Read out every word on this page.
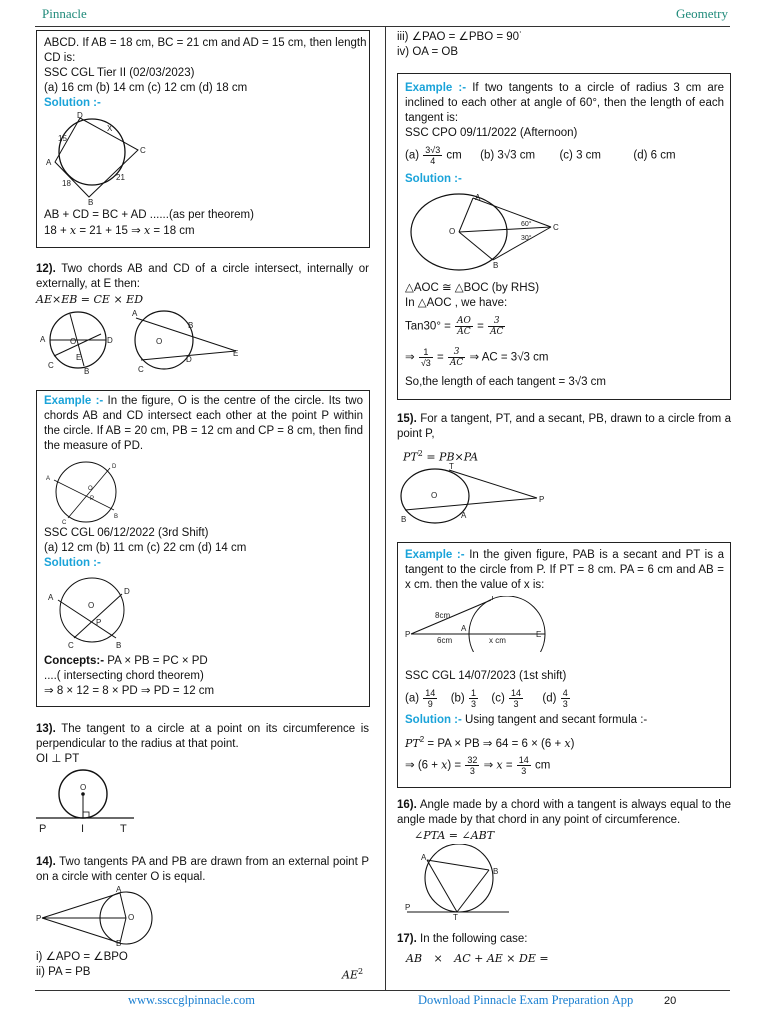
Pinnacle	Geometry
ABCD. If AB = 18 cm, BC = 21 cm and AD = 15 cm, then length
CD is:
SSC CGL Tier II (02/03/2023)
(a) 16 cm (b) 14 cm (c) 12 cm (d) 18 cm
Solution :-
D
X
C
A
B
15
18
21
AB + CD = BC + AD ......(as per theorem)
18 + x = 21 + 15 ⇒ x = 18 cm
12). Two chords AB and CD of a circle intersect, internally or externally, at E then:
AE×EB = CE × ED
A	O
E
D
C
B
A
B
O
D
C
E
Example :- In the figure, O is the centre of the circle. Its two chords AB and CD intersect each other at the point P within the circle. If AB = 20 cm, PB = 12 cm and CP = 8 cm, then find the measure of PD.
A
D
O
P
C
B
SSC CGL 06/12/2022 (3rd Shift)
(a) 12 cm (b) 11 cm (c) 22 cm (d) 14 cm
Solution :-
A
D
O
P
C	B
Concepts:- PA × PB = PC × PD
....( intersecting chord theorem)
⇒ 8 × 12 = 8 × PD ⇒ PD = 12 cm
13). The tangent to a circle at a point on its circumference is perpendicular to the radius at that point.
OI ⊥ PT
O
P	I	T
14). Two tangents PA and PB are drawn from an external point P on a circle with center O is equal.
P
A
O
B
i) ∠APO = ∠BPO
ii) PA = PB	$AE^2$
iii) ∠PAO = ∠PBO = 90˙
iv) OA = OB
Example :- If two tangents to a circle of radius 3 cm are inclined to each other at angle of 60°, then the length of each tangent is:
SSC CPO 09/11/2022 (Afternoon)
$(a) \frac{3√3}{4}$ cm (b) 3√3 cm (c) 3 cm	(d) 6 cm
Solution :-
A
O	C
B
60°
30°
△AOC ≅ △BOC (by RHS)
In △AOC , we have:
$Tan30^\circ = \frac{AO}{AC} = \frac{3}{AC}$
⇒ $\frac{1}{√3} = \frac{3}{AC}$ ⇒ AC = 3√3 cm
So,the length of each tangent = 3√3 cm
15). For a tangent, PT, and a secant, PB, drawn to a circle from a point P,
$PT^2 = PB\times PA$
T
P
A
B
O
Example :- In the given figure, PAB is a secant and PT is a tangent to the circle from P. If PT = 8 cm. PA = 6 cm and AB = x cm. then the value of x is:
P
A
T
E
8cm
6cm	x cm
SSC CGL 14/07/2023 (1st shift)
$(a) \frac{14}{9} (b) \frac{1}{3} (c) \frac{14}{3} (d) \frac{4}{3}$
Solution :- Using tangent and secant formula :-
$PT^2$ = PA × PB ⇒ 64 = 6 × (6 + x)
⇒ $(6 + x) = \frac{32}{3}$ ⇒ $x = \frac{14}{3}$ cm
16). Angle made by a chord with a tangent is always equal to the angle made by that chord in any point of circumference.
∠PTA = ∠ABT
A
B
P
T
17). In the following case:
AB × AC + AE × DE =
www.ssccglpinnacle.com	Download Pinnacle Exam Preparation App	20
